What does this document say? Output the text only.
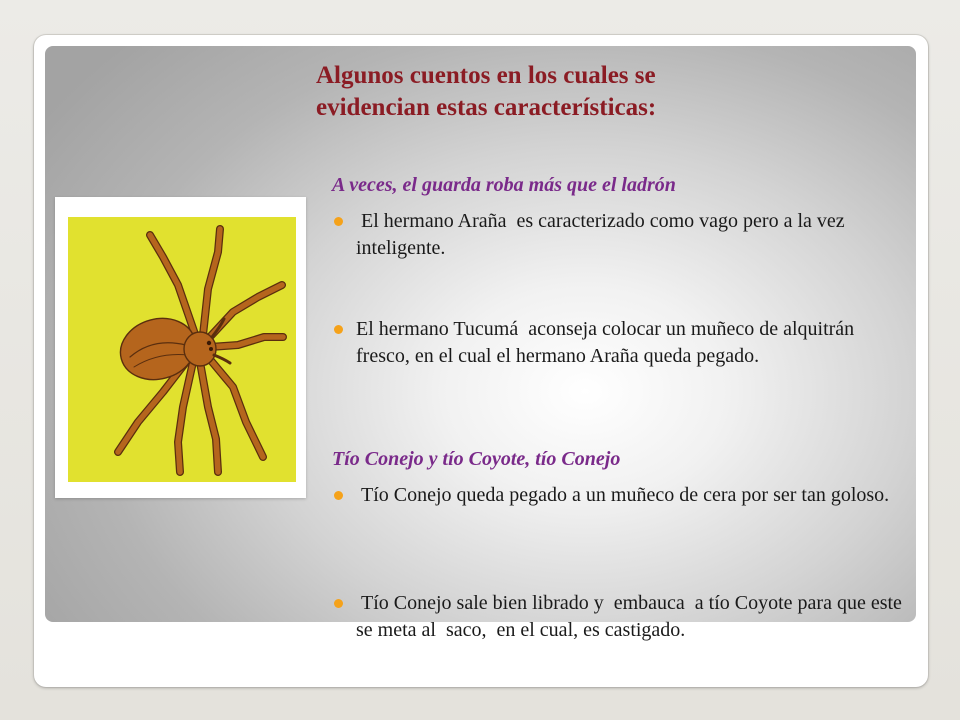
Algunos cuentos en los cuales se
evidencian estas características:

A veces, el guarda roba más que el ladrón

El hermano Araña  es caracterizado como vago pero a la vez inteligente.
El hermano Tucumá  aconseja colocar un muñeco de alquitrán fresco, en el cual el hermano Araña queda pegado.

Tío Conejo y tío Coyote, tío Conejo

Tío Conejo queda pegado a un muñeco de cera por ser tan goloso.
Tío Conejo sale bien librado y  embauca  a tío Coyote para que este  se meta al  saco,  en el cual, es castigado.
